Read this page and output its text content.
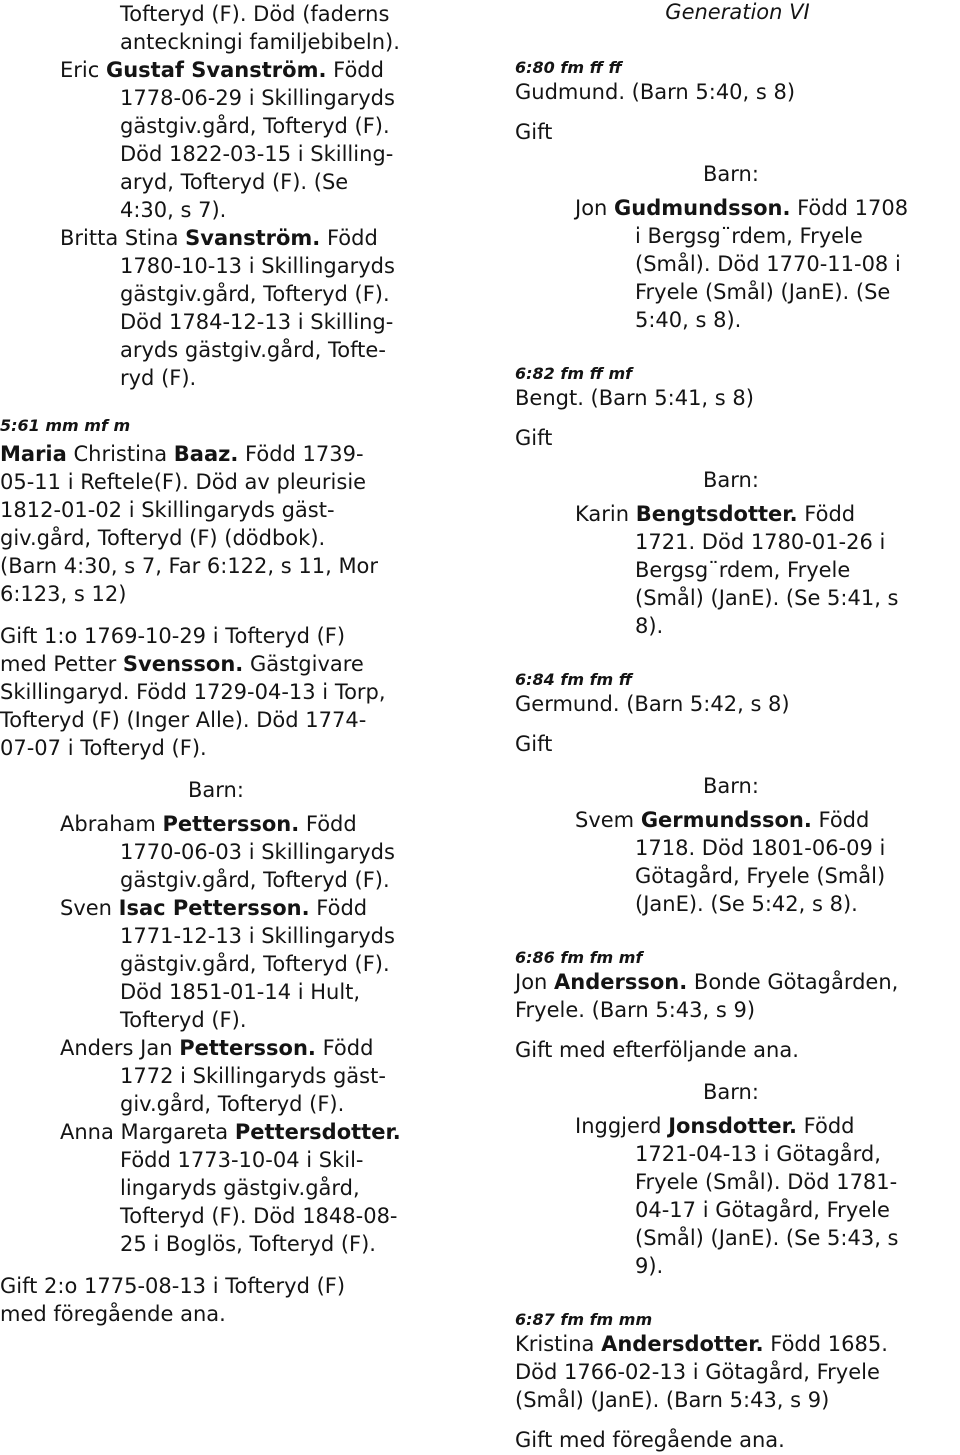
Tofteryd (F). Död (faderns
anteckningi familjebibeln).
Eric Gustaf Svanström. Född
1778-06-29 i Skillingaryds
gästgiv.gård, Tofteryd (F).
Död 1822-03-15 i Skilling-
aryd, Tofteryd (F). (Se
4:30, s 7).
Britta Stina Svanström. Född
1780-10-13 i Skillingaryds
gästgiv.gård, Tofteryd (F).
Död 1784-12-13 i Skilling-
aryds gästgiv.gård, Tofte-
ryd (F).
5:61 mm mf m
Maria Christina Baaz. Född 1739-
05-11 i Reftele(F). Död av pleurisie
1812-01-02 i Skillingaryds gäst-
giv.gård, Tofteryd (F) (dödbok).
(Barn 4:30, s 7, Far 6:122, s 11, Mor
6:123, s 12)
Gift 1:o 1769-10-29 i Tofteryd (F)
med Petter Svensson. Gästgivare
Skillingaryd. Född 1729-04-13 i Torp,
Tofteryd (F) (Inger Alle). Död 1774-
07-07 i Tofteryd (F).
Barn:
Abraham Pettersson. Född
1770-06-03 i Skillingaryds
gästgiv.gård, Tofteryd (F).
Sven Isac Pettersson. Född
1771-12-13 i Skillingaryds
gästgiv.gård, Tofteryd (F).
Död 1851-01-14 i Hult,
Tofteryd (F).
Anders Jan Pettersson. Född
1772 i Skillingaryds gäst-
giv.gård, Tofteryd (F).
Anna Margareta Pettersdotter.
Född 1773-10-04 i Skil-
lingaryds gästgiv.gård,
Tofteryd (F). Död 1848-08-
25 i Boglös, Tofteryd (F).
Gift 2:o 1775-08-13 i Tofteryd (F)
med föregående ana.
Generation VI
6:80 fm ff ff
Gudmund. (Barn 5:40, s 8)
Gift
Barn:
Jon Gudmundsson. Född 1708
i Bergsg¨rdem, Fryele
(Smål). Död 1770-11-08 i
Fryele (Smål) (JanE). (Se
5:40, s 8).
6:82 fm ff mf
Bengt. (Barn 5:41, s 8)
Gift
Barn:
Karin Bengtsdotter. Född
1721. Död 1780-01-26 i
Bergsg¨rdem, Fryele
(Smål) (JanE). (Se 5:41, s
8).
6:84 fm fm ff
Germund. (Barn 5:42, s 8)
Gift
Barn:
Svem Germundsson. Född
1718. Död 1801-06-09 i
Götagård, Fryele (Smål)
(JanE). (Se 5:42, s 8).
6:86 fm fm mf
Jon Andersson. Bonde Götagården,
Fryele. (Barn 5:43, s 9)
Gift med efterföljande ana.
Barn:
Inggjerd Jonsdotter. Född
1721-04-13 i Götagård,
Fryele (Smål). Död 1781-
04-17 i Götagård, Fryele
(Smål) (JanE). (Se 5:43, s
9).
6:87 fm fm mm
Kristina Andersdotter. Född 1685.
Död 1766-02-13 i Götagård, Fryele
(Smål) (JanE). (Barn 5:43, s 9)
Gift med föregående ana.
